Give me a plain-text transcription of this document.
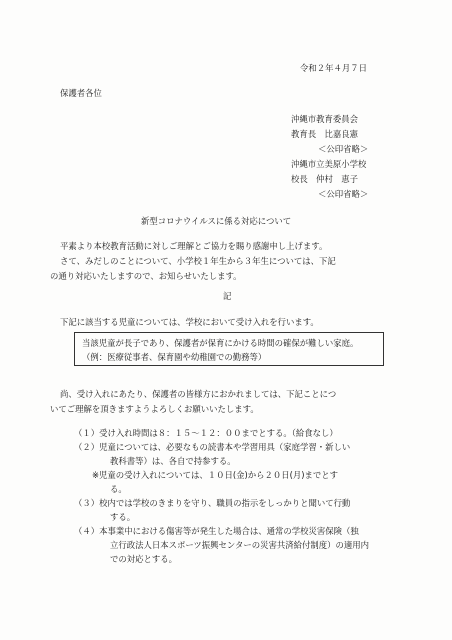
令和２年４月７日
保護者各位
沖縄市教育委員会
教育長　比嘉良憲
＜公印省略＞
沖縄市立美原小学校
校長　仲村　恵子
＜公印省略＞
新型コロナウイルスに係る対応について
平素より本校教育活動に対しご理解とご協力を賜り感謝申し上げます。
さて、みだしのことについて、小学校１年生から３年生については、下記
の通り対応いたしますので、お知らせいたします。
記
下記に該当する児童については、学校において受け入れを行います。
当該児童が長子であり、保護者が保育にかける時間の確保が難しい家庭。
（例：医療従事者、保育園や幼稚園での勤務等）
尚、受け入れにあたり、保護者の皆様方におかれましては、下記ことにつ
いてご理解を頂きますようよろしくお願いいたします。
（１）受け入れ時間は８：１５～１２：００までとする。（給食なし）
（２）児童については、必要なもの読書本や学習用具（家庭学習・新しい
教科書等）は、各自で持参する。
※児童の受け入れについては、１０日(金)から２０日(月)までとす
る。
（３）校内では学校のきまりを守り、職員の指示をしっかりと聞いて行動
する。
（４）本事業中における傷害等が発生した場合は、通常の学校災害保険（独
立行政法人日本スポーツ振興センターの災害共済給付制度）の適用内
での対応とする。
